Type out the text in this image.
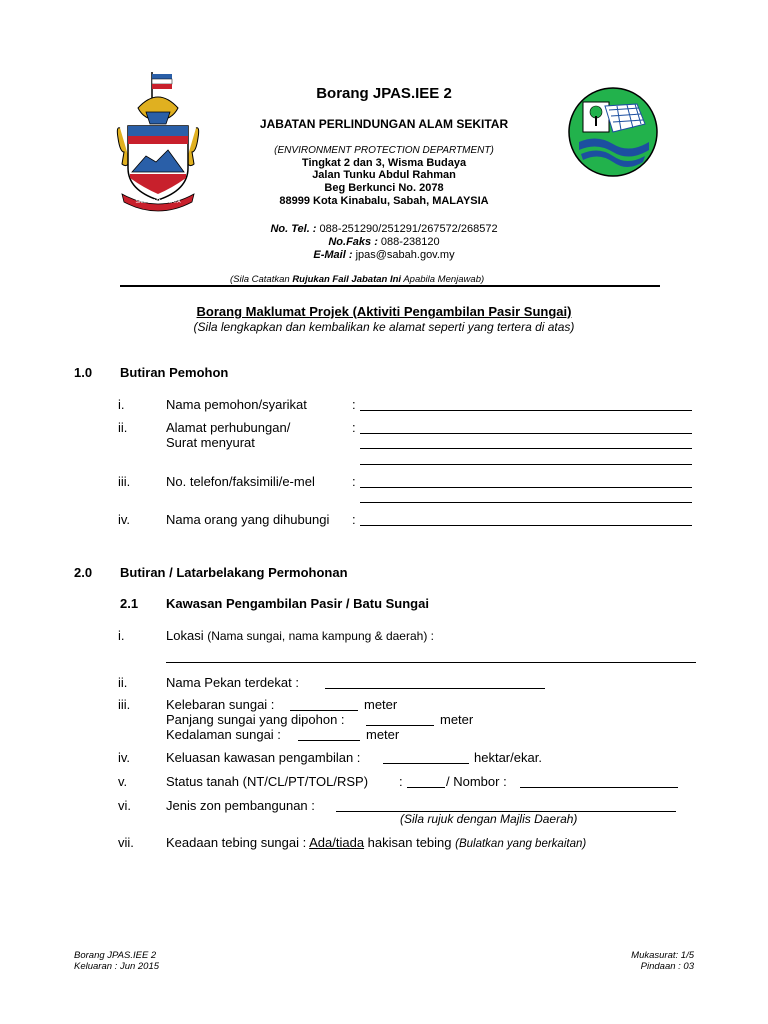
SABAH MAJU JAYA
Borang JPAS.IEE 2
JABATAN PERLINDUNGAN ALAM SEKITAR
(ENVIRONMENT PROTECTION DEPARTMENT)
Tingkat 2 dan 3, Wisma Budaya
Jalan Tunku Abdul Rahman
Beg Berkunci No. 2078
88999 Kota Kinabalu, Sabah, MALAYSIA
No. Tel. : 088-251290/251291/267572/268572
No.Faks : 088-238120
E-Mail : jpas@sabah.gov.my
(Sila Catatkan Rujukan Fail Jabatan Ini Apabila Menjawab)
Borang Maklumat Projek (Aktiviti Pengambilan Pasir Sungai)
(Sila lengkapkan dan kembalikan ke alamat seperti yang tertera di atas)
1.0 Butiran Pemohon
i.	Nama pemohon/syarikat	:
ii.	Alamat perhubungan/
Surat menyurat
:
iii.	No. telefon/faksimili/e-mel	:
iv.	Nama orang yang dihubungi :
2.0 Butiran / Latarbelakang Permohonan
2.1 Kawasan Pengambilan Pasir / Batu Sungai
i.	Lokasi (Nama sungai, nama kampung & daerah) :
ii.	Nama Pekan terdekat :
iii.	Kelebaran sungai :	meter
Panjang sungai yang dipohon :	meter
Kedalaman sungai :	meter
iv.	Keluasan kawasan pengambilan :	hektar/ekar.
v.	Status tanah (NT/CL/PT/TOL/RSP) :	/ Nombor :
vi.	Jenis zon pembangunan :
(Sila rujuk dengan Majlis Daerah)
vii. Keadaan tebing sungai : Ada/tiada hakisan tebing (Bulatkan yang berkaitan)
Borang JPAS.IEE 2
Keluaran : Jun 2015
Mukasurat: 1/5
Pindaan : 03
